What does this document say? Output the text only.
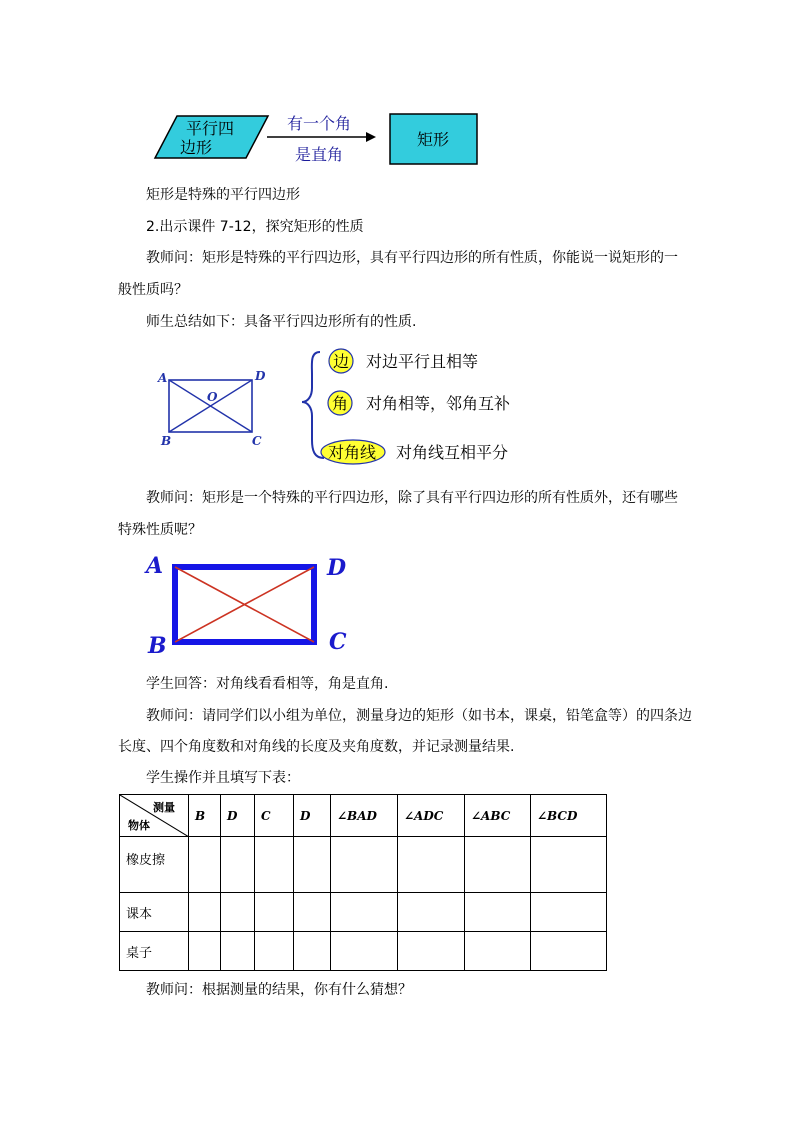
平行四
边形
有一个角
是直角
矩形
矩形是特殊的平行四边形
2.出示课件 7-12，探究矩形的性质
教师问：矩形是特殊的平行四边形，具有平行四边形的所有性质，你能说一说矩形的一
般性质吗？
师生总结如下：具备平行四边形所有的性质.
A	D
O
B	C
边 对边平行且相等
角 对角相等，邻角互补
对角线 对角线互相平分
教师问：矩形是一个特殊的平行四边形，除了具有平行四边形的所有性质外，还有哪些
特殊性质呢？
A	D
B	C
学生回答：对角线看看相等，角是直角.
教师问：请同学们以小组为单位，测量身边的矩形（如书本，课桌，铅笔盒等）的四条边
长度、四个角度数和对角线的长度及夹角度数，并记录测量结果.
学生操作并且填写下表：
测量
物体	B	D	C	D	∠BAD	∠ADC	∠ABC	∠BCD
橡皮擦								
课本								
桌子								
教师问：根据测量的结果，你有什么猜想？
